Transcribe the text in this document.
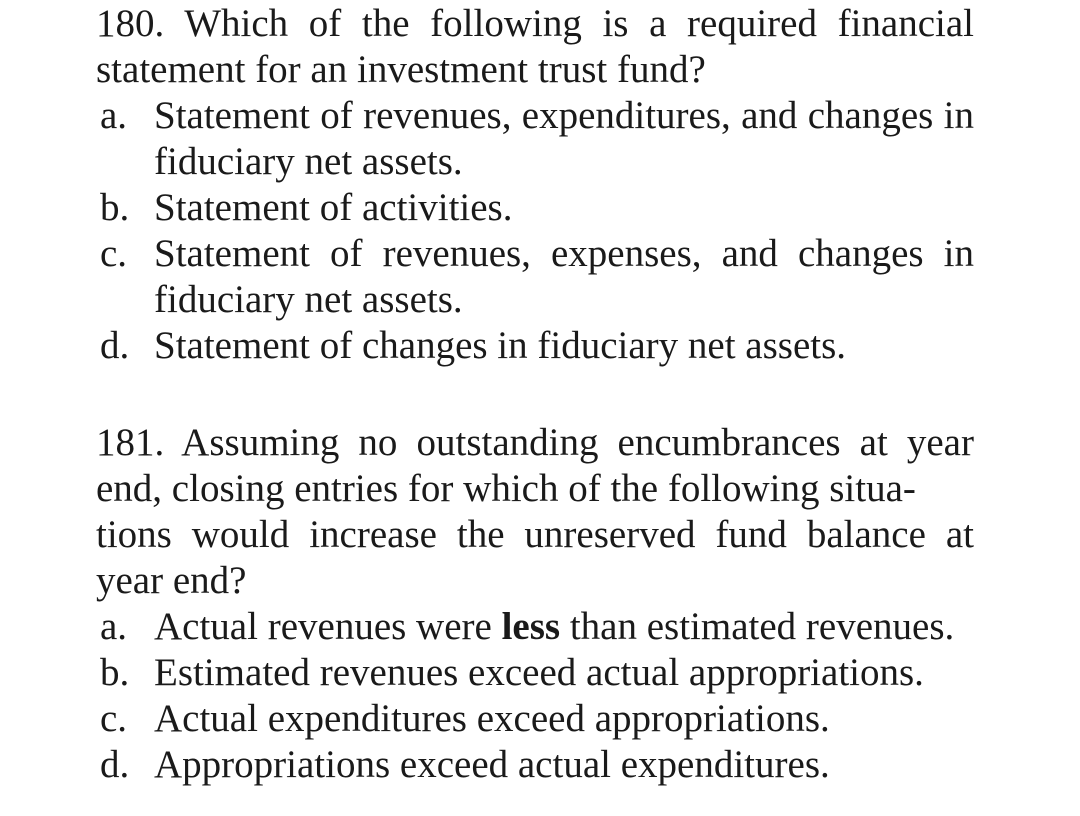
180. Which of the following is a required financial statement for an investment trust fund?
a. Statement of revenues, expenditures, and changes in fiduciary net assets.
b. Statement of activities.
c. Statement of revenues, expenses, and changes in fiduciary net assets.
d. Statement of changes in fiduciary net assets.
181. Assuming no outstanding encumbrances at year end, closing entries for which of the following situa-
tions would increase the unreserved fund balance at year end?
a. Actual revenues were less than estimated revenues.
b. Estimated revenues exceed actual appropriations.
c. Actual expenditures exceed appropriations.
d. Appropriations exceed actual expenditures.
